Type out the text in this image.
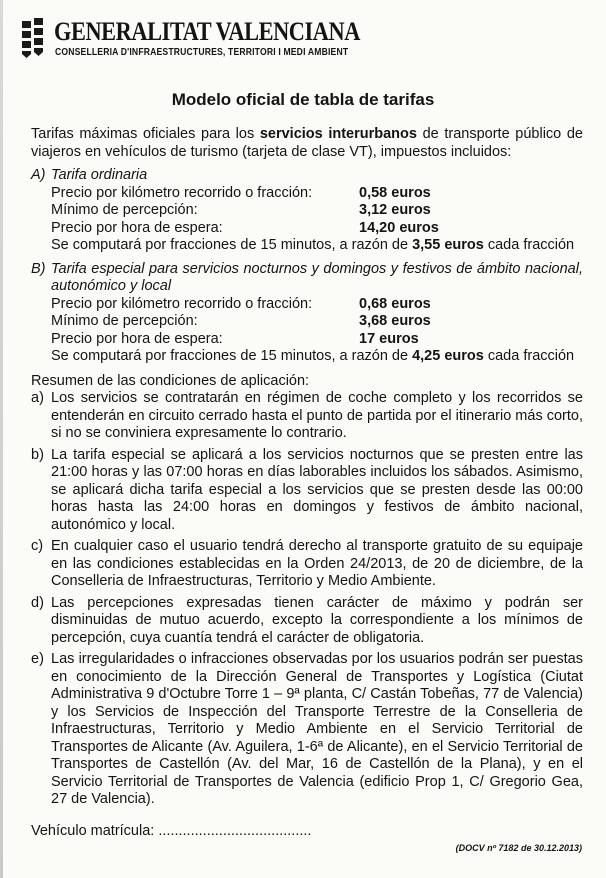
GENERALITAT VALENCIANA
CONSELLERIA D'INFRAESTRUCTURES, TERRITORI I MEDI AMBIENT
Modelo oficial de tabla de tarifas

Tarifas máximas oficiales para los servicios interurbanos de transporte público de viajeros en vehículos de turismo (tarjeta de clase VT), impuestos incluidos:

A) Tarifa ordinaria
Precio por kilómetro recorrido o fracción:	0,58 euros
Mínimo de percepción:	3,12 euros
Precio por hora de espera:	14,20 euros
Se computará por fracciones de 15 minutos, a razón de 3,55 euros cada fracción
B) Tarifa especial para servicios nocturnos y domingos y festivos de ámbito nacional, autonómico y local
Precio por kilómetro recorrido o fracción:	0,68 euros
Mínimo de percepción:	3,68 euros
Precio por hora de espera:	17 euros
Se computará por fracciones de 15 minutos, a razón de 4,25 euros cada fracción

Resumen de las condiciones de aplicación:

a) Los servicios se contratarán en régimen de coche completo y los recorridos se entenderán en circuito cerrado hasta el punto de partida por el itinerario más corto, si no se conviniera expresamente lo contrario.
b) La tarifa especial se aplicará a los servicios nocturnos que se presten entre las 21:00 horas y las 07:00 horas en días laborables incluidos los sábados. Asimismo, se aplicará dicha tarifa especial a los servicios que se presten desde las 00:00 horas hasta las 24:00 horas en domingos y festivos de ámbito nacional, autonómico y local.
c) En cualquier caso el usuario tendrá derecho al transporte gratuito de su equipaje en las condiciones establecidas en la Orden 24/2013, de 20 de diciembre, de la Conselleria de Infraestructuras, Territorio y Medio Ambiente.
d) Las percepciones expresadas tienen carácter de máximo y podrán ser disminuidas de mutuo acuerdo, excepto la correspondiente a los mínimos de percepción, cuya cuantía tendrá el carácter de obligatoria.
e) Las irregularidades o infracciones observadas por los usuarios podrán ser puestas en conocimiento de la Dirección General de Transportes y Logística (Ciutat Administrativa 9 d'Octubre Torre 1 – 9ª planta, C/ Castán Tobeñas, 77 de Valencia) y los Servicios de Inspección del Transporte Terrestre de la Conselleria de Infraestructuras, Territorio y Medio Ambiente en el Servicio Territorial de Transportes de Alicante (Av. Aguilera, 1-6ª de Alicante), en el Servicio Territorial de Transportes de Castellón (Av. del Mar, 16 de Castellón de la Plana), y en el Servicio Territorial de Transportes de Valencia (edificio Prop 1, C/ Gregorio Gea, 27 de Valencia).
Vehículo matrícula: ......................................
(DOCV nº 7182 de 30.12.2013)
